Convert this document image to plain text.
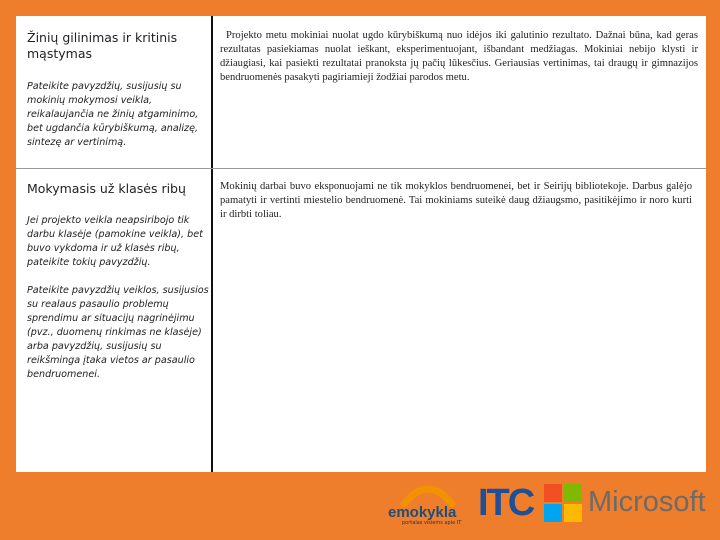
Žinių gilinimas ir kritinis mąstymas
Pateikite pavyzdžių, susijusių su mokinių mokymosi veikla, reikalaujančia ne žinių atgaminimo, bet ugdančia kūrybiškumą, analizę, sintezę ar vertinimą.
Projekto metu mokiniai nuolat ugdo kūrybiškumą nuo idėjos iki galutinio rezultato. Dažnai būna, kad geras rezultatas pasiekiamas nuolat ieškant, eksperimentuojant, išbandant medžiagas. Mokiniai nebijo klysti ir džiaugiasi, kai pasiekti rezultatai pranoksta jų pačių lūkesčius. Geriausias vertinimas, tai draugų ir gimnazijos bendruomenės pasakyti pagiriamieji žodžiai parodos metu.
Mokymasis už klasės ribų
Jei projekto veikla neapsiribojo tik darbu klasėje (pamokine veikla), bet buvo vykdoma ir už klasės ribų, pateikite tokių pavyzdžių.
Pateikite pavyzdžių veiklos, susijusios su realaus pasaulio problemų sprendimu ar situacijų nagrinėjimu (pvz., duomenų rinkimas ne klasėje) arba pavyzdžių, susijusių su reikšminga įtaka vietos ar pasaulio bendruomenei.
Mokinių darbai buvo eksponuojami ne tik mokyklos bendruomenei, bet ir Seirijų bibliotekoje. Darbus galėjo pamatyti ir vertinti miestelio bendruomenė. Tai mokiniams suteikė daug džiaugsmo, pasitikėjimo ir noro kurti ir dirbti toliau.
emokykla
portalas visiems apie IT ITC Microsoft
